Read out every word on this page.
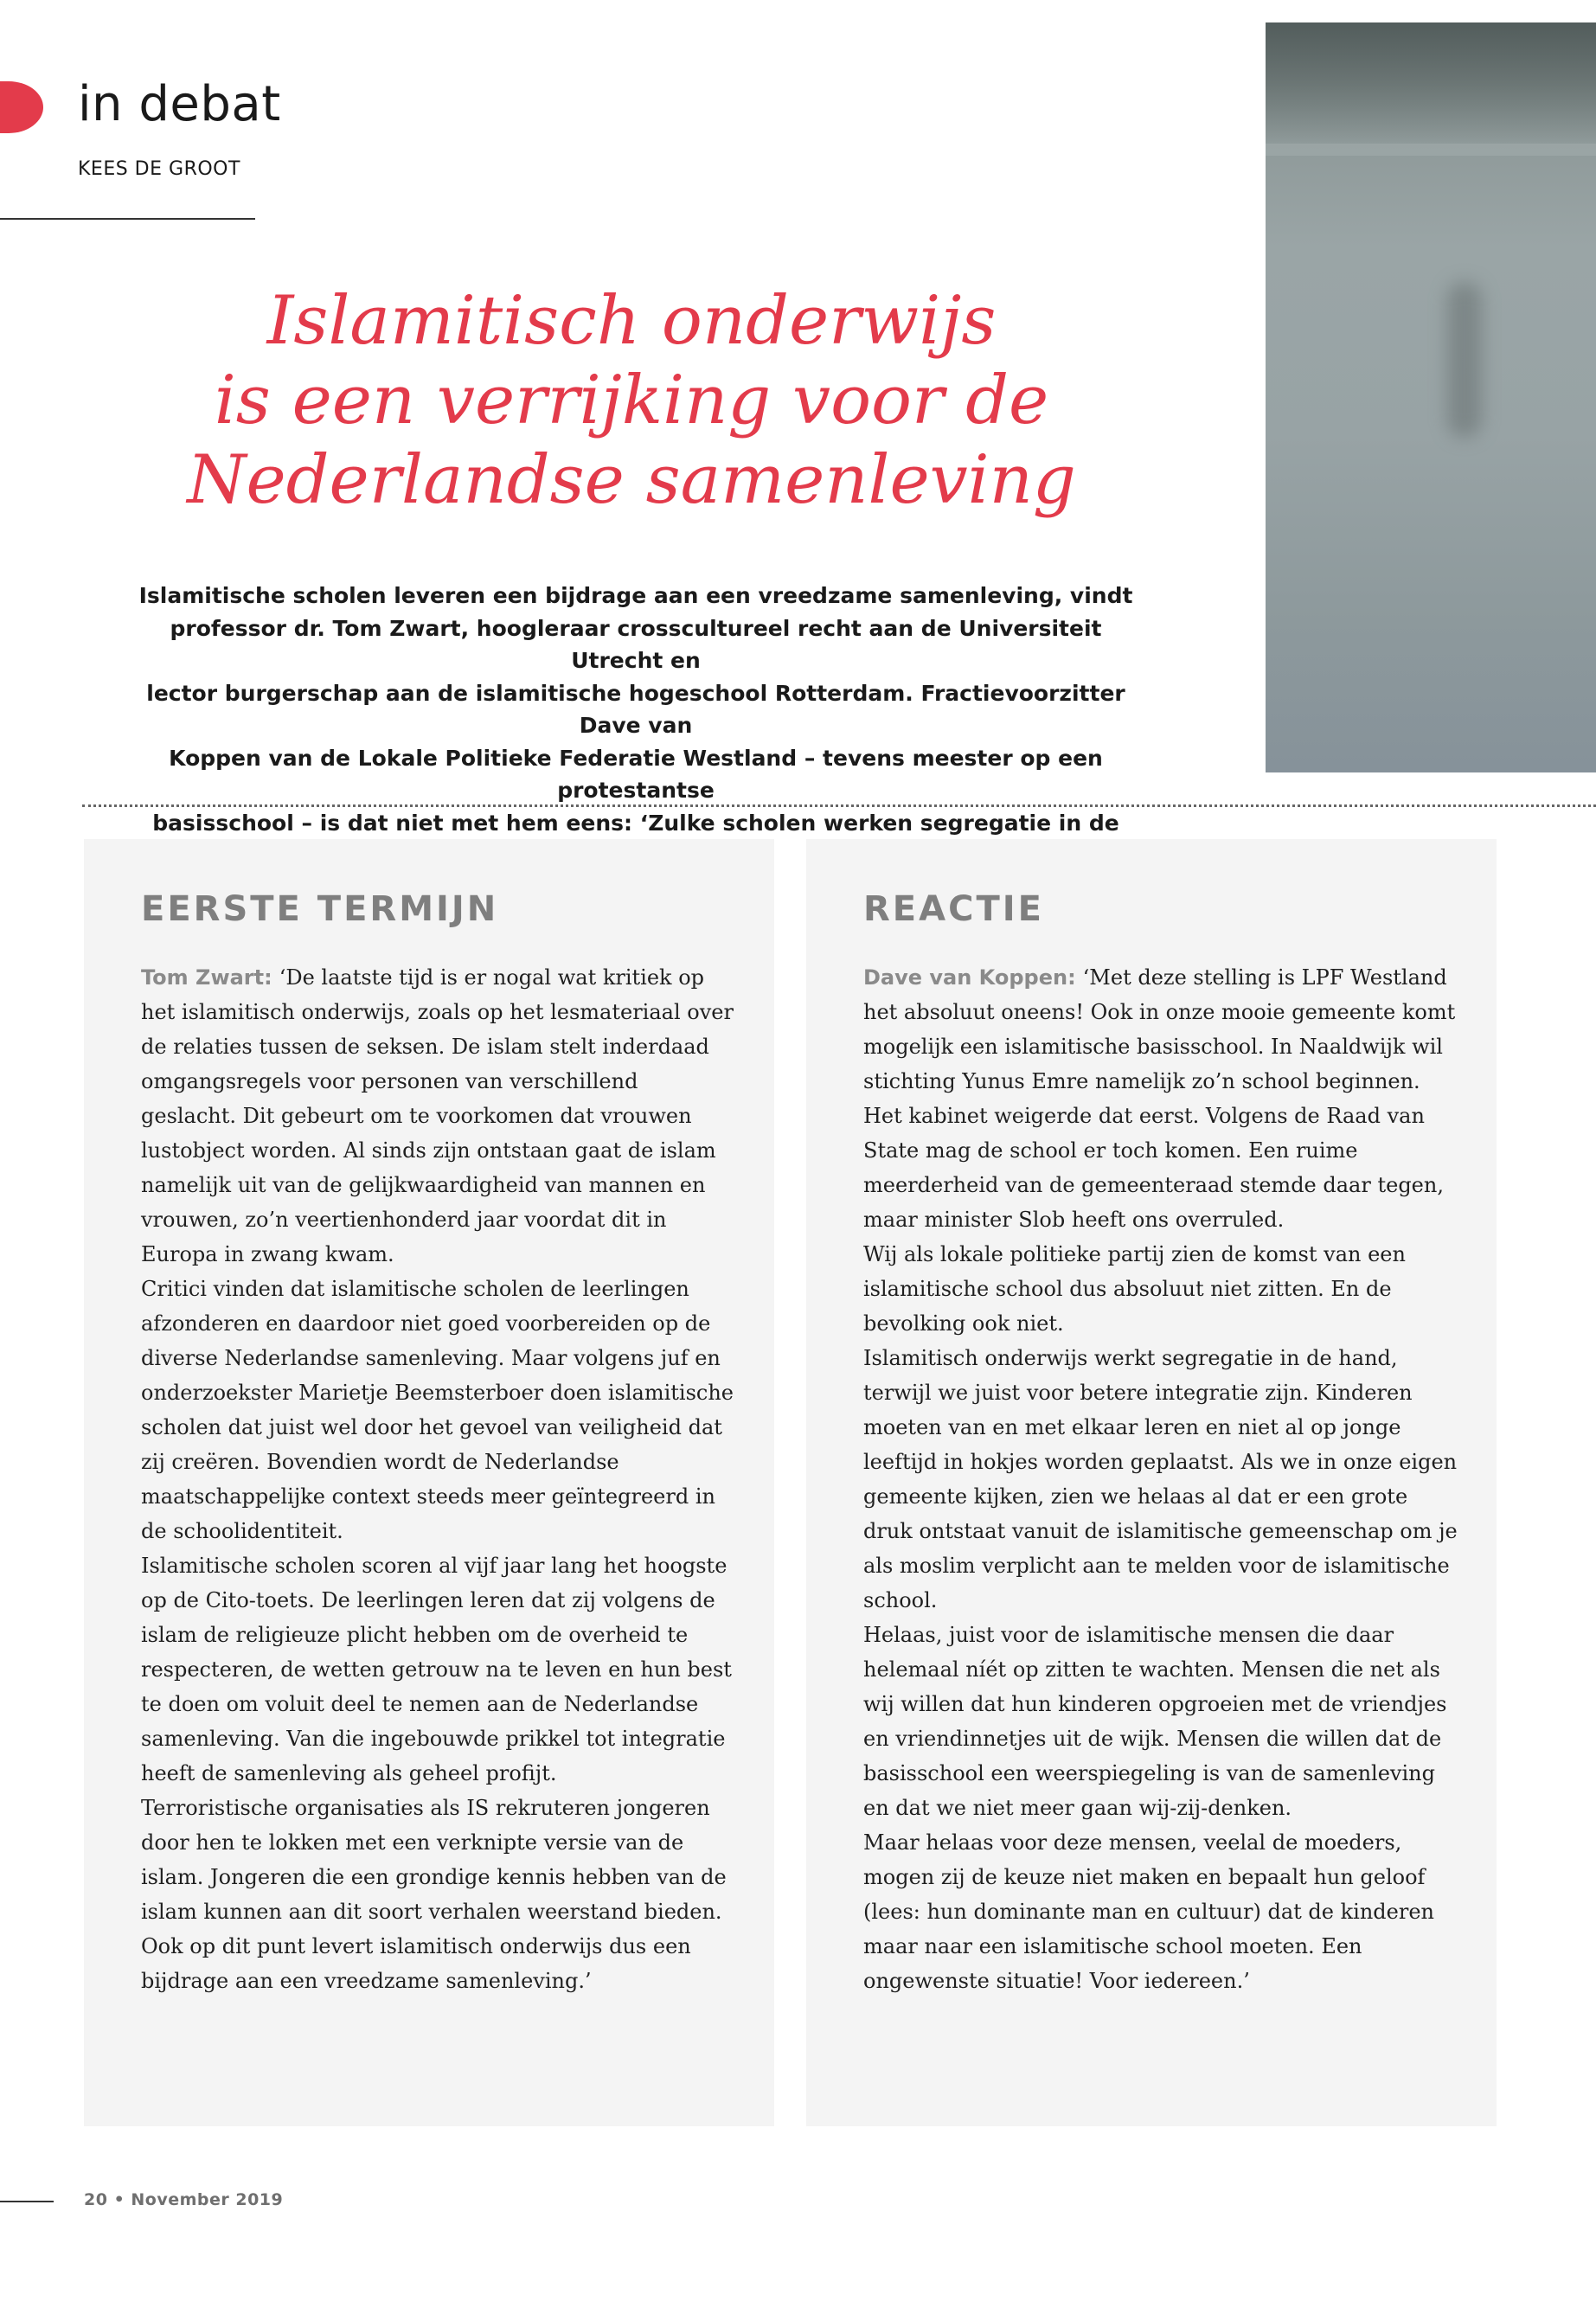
in debat
KEES DE GROOT
Islamitisch onderwijs
is een verrijking voor de
Nederlandse samenleving
Islamitische scholen leveren een bijdrage aan een vreedzame samenleving, vindt
professor dr. Tom Zwart, hoogleraar crosscultureel recht aan de Universiteit Utrecht en
lector burgerschap aan de islamitische hogeschool Rotterdam. Fractievoorzitter Dave van
Koppen van de Lokale Politieke Federatie Westland – tevens meester op een protestantse
basisschool – is dat niet met hem eens: ‘Zulke scholen werken segregatie in de
EERSTE TERMIJN

Tom Zwart: ‘De laatste tijd is er nogal wat kritiek op het islamitisch onderwijs, zoals op het lesmateriaal over de relaties tussen de seksen. De islam stelt inderdaad omgangsregels voor personen van verschillend geslacht. Dit gebeurt om te voorkomen dat vrouwen lustobject worden. Al sinds zijn ontstaan gaat de islam namelijk uit van de gelijkwaardigheid van mannen en vrouwen, zo’n veertienhonderd jaar voordat dit in Europa in zwang kwam.

Critici vinden dat islamitische scholen de leerlingen afzonderen en daardoor niet goed voorbereiden op de diverse Nederlandse samenleving. Maar volgens juf en onderzoekster Marietje Beemsterboer doen islamitische scholen dat juist wel door het gevoel van veiligheid dat zij creëren. Bovendien wordt de Nederlandse maatschappelijke context steeds meer geïntegreerd in de schoolidentiteit.

Islamitische scholen scoren al vijf jaar lang het hoogste op de Cito-toets. De leerlingen leren dat zij volgens de islam de religieuze plicht hebben om de overheid te respecteren, de wetten getrouw na te leven en hun best te doen om voluit deel te nemen aan de Nederlandse samenleving. Van die ingebouwde prikkel tot integratie heeft de samenleving als geheel profijt.

Terroristische organisaties als IS rekruteren jongeren door hen te lokken met een verknipte versie van de islam. Jongeren die een grondige kennis hebben van de islam kunnen aan dit soort verhalen weerstand bieden. Ook op dit punt levert islamitisch onderwijs dus een bijdrage aan een vreedzame samenleving.’

REACTIE

Dave van Koppen: ‘Met deze stelling is LPF Westland het absoluut oneens! Ook in onze mooie gemeente komt mogelijk een islamitische basisschool. In Naaldwijk wil stichting Yunus Emre namelijk zo’n school beginnen. Het kabinet weigerde dat eerst. Volgens de Raad van State mag de school er toch komen. Een ruime meerderheid van de gemeenteraad stemde daar tegen, maar minister Slob heeft ons overruled.

Wij als lokale politieke partij zien de komst van een islamitische school dus absoluut niet zitten. En de bevolking ook niet.

Islamitisch onderwijs werkt segregatie in de hand, terwijl we juist voor betere integratie zijn. Kinderen moeten van en met elkaar leren en niet al op jonge leeftijd in hokjes worden geplaatst. Als we in onze eigen gemeente kijken, zien we helaas al dat er een grote druk ontstaat vanuit de islamitische gemeenschap om je als moslim verplicht aan te melden voor de islamitische school.

Helaas, juist voor de islamitische mensen die daar helemaal níét op zitten te wachten. Mensen die net als wij willen dat hun kinderen opgroeien met de vriendjes en vriendinnetjes uit de wijk. Mensen die willen dat de basisschool een weerspiegeling is van de samenleving en dat we niet meer gaan wij-zij-denken.

Maar helaas voor deze mensen, veelal de moeders, mogen zij de keuze niet maken en bepaalt hun geloof (lees: hun dominante man en cultuur) dat de kinderen maar naar een islamitische school moeten. Een ongewenste situatie! Voor iedereen.’

20 • November 2019
